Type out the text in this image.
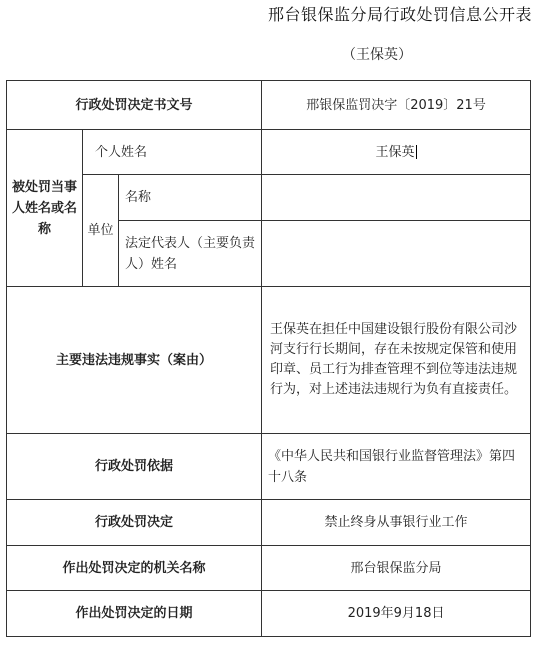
邢台银保监分局行政处罚信息公开表
（王保英）
行政处罚决定书文号			邢银保监罚决字〔2019〕21号
被处罚当事人姓名或名称	个人姓名		王保英
	单位	名称	
		法定代表人（主要负责人）姓名	
主要违法违规事实（案由）			王保英在担任中国建设银行股份有限公司沙河支行行长期间，存在未按规定保管和使用印章、员工行为排查管理不到位等违法违规行为，对上述违法违规行为负有直接责任。
行政处罚依据			《中华人民共和国银行业监督管理法》第四十八条
行政处罚决定			禁止终身从事银行业工作
作出处罚决定的机关名称			邢台银保监分局
作出处罚决定的日期			2019年9月18日
